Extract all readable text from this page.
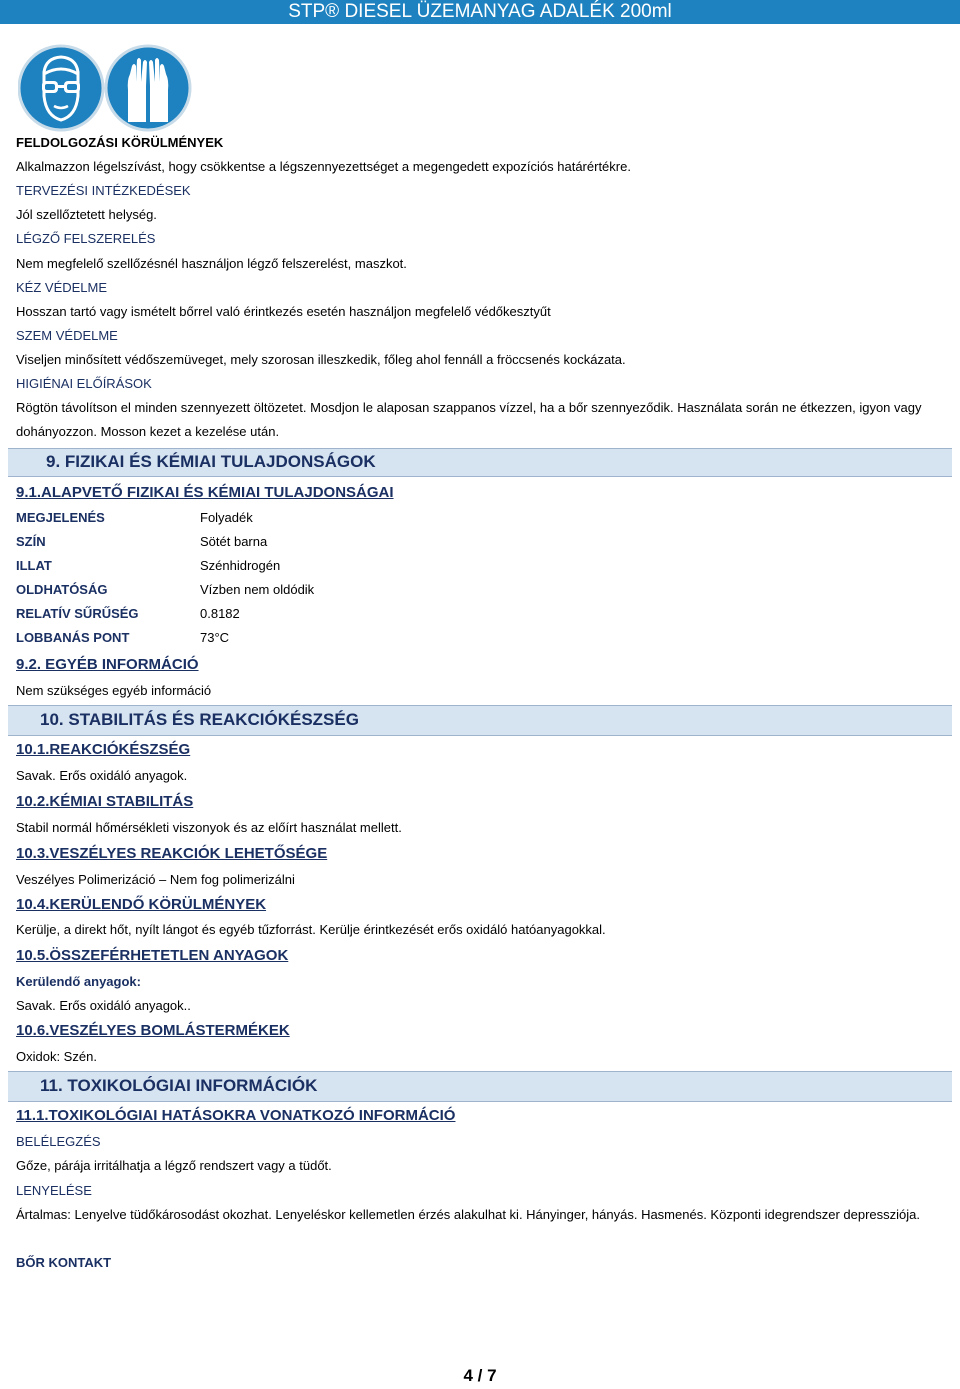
STP® DIESEL ÜZEMANYAG ADALÉK 200ml
FELDOLGOZÁSI KÖRÜLMÉNYEK
Alkalmazzon légelszívást, hogy csökkentse a légszennyezettséget a megengedett expozíciós határértékre.
TERVEZÉSI INTÉZKEDÉSEK
Jól szellőztetett helység.
LÉGZŐ FELSZERELÉS
Nem megfelelő szellőzésnél használjon légző felszerelést, maszkot.
KÉZ VÉDELME
Hosszan tartó vagy ismételt bőrrel való érintkezés esetén használjon megfelelő védőkesztyűt
SZEM VÉDELME
Viseljen minősített védőszemüveget, mely szorosan illeszkedik, főleg ahol fennáll a fröccsenés kockázata.
HIGIÉNAI ELŐÍRÁSOK
Rögtön távolítson el minden szennyezett öltözetet. Mosdjon le alaposan szappanos vízzel, ha a bőr szennyeződik. Használata során ne étkezzen, igyon vagy dohányozzon. Mosson kezet a kezelése után.
9. FIZIKAI ÉS KÉMIAI TULAJDONSÁGOK
9.1.ALAPVETŐ FIZIKAI ÉS KÉMIAI TULAJDONSÁGAI
MEGJELENÉS	Folyadék
SZÍN	Sötét barna
ILLAT	Szénhidrogén
OLDHATÓSÁG	Vízben nem oldódik
RELATÍV SŰRŰSÉG	0.8182
LOBBANÁS PONT	73°C
9.2. EGYÉB INFORMÁCIÓ
Nem szükséges egyéb információ
10. STABILITÁS ÉS REAKCIÓKÉSZSÉG
10.1.REAKCIÓKÉSZSÉG
Savak. Erős oxidáló anyagok.
10.2.KÉMIAI STABILITÁS
Stabil normál hőmérsékleti viszonyok és az előírt használat mellett.
10.3.VESZÉLYES REAKCIÓK LEHETŐSÉGE
Veszélyes Polimerizáció – Nem fog polimerizálni
10.4.KERÜLENDŐ KÖRÜLMÉNYEK
Kerülje, a direkt hőt, nyílt lángot és egyéb tűzforrást. Kerülje érintkezését erős oxidáló hatóanyagokkal.
10.5.ÖSSZEFÉRHETETLEN ANYAGOK
Kerülendő anyagok:
Savak. Erős oxidáló anyagok..
10.6.VESZÉLYES BOMLÁSTERMÉKEK
Oxidok: Szén.
11. TOXIKOLÓGIAI INFORMÁCIÓK
11.1.TOXIKOLÓGIAI HATÁSOKRA VONATKOZÓ INFORMÁCIÓ
BELÉLEGZÉS
Gőze, párája irritálhatja a légző rendszert vagy a tüdőt.
LENYELÉSE
Ártalmas: Lenyelve tüdőkárosodást okozhat. Lenyeléskor kellemetlen érzés alakulhat ki. Hányinger, hányás. Hasmenés. Központi idegrendszer depressziója.
BŐR KONTAKT
4 / 7
